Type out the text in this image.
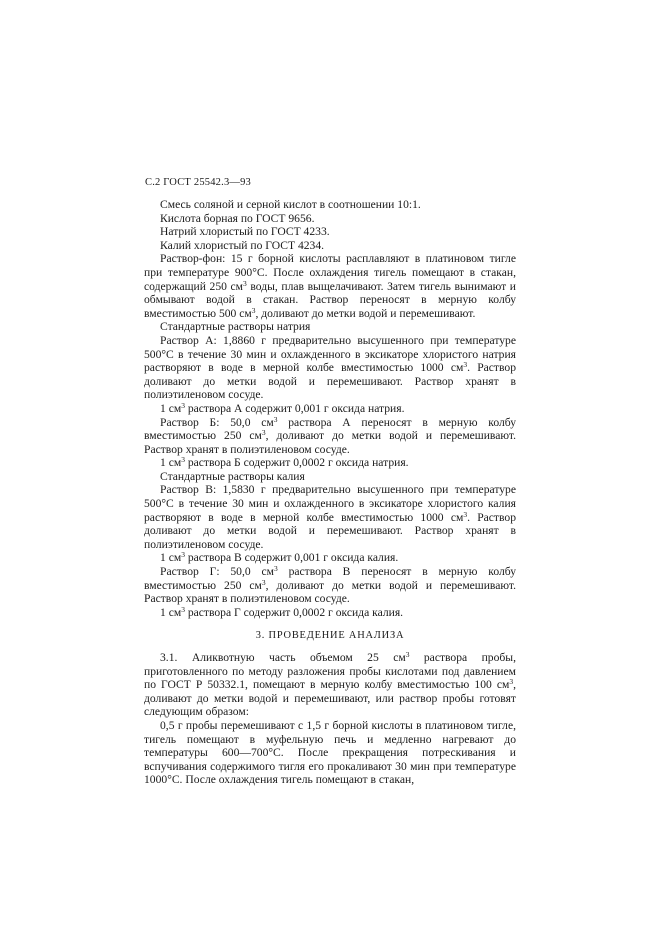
С.2 ГОСТ 25542.3—93

Смесь соляной и серной кислот в соотношении 10:1.

Кислота борная по ГОСТ 9656.

Натрий хлористый по ГОСТ 4233.

Калий хлористый по ГОСТ 4234.

Раствор-фон: 15 г борной кислоты расплавляют в платиновом тигле при температуре 900°С. После охлаждения тигель помещают в стакан, содержащий 250 $см^3$ воды, плав выщелачивают. Затем тигель вынимают и обмывают водой в стакан. Раствор переносят в мерную колбу вместимостью 500 $см^3$, доливают до метки водой и перемешивают.

Стандартные растворы натрия

Раствор А: 1,8860 г предварительно высушенного при температуре 500°С в течение 30 мин и охлажденного в эксикаторе хлористого натрия растворяют в воде в мерной колбе вместимостью 1000 $см^3$. Раствор доливают до метки водой и перемешивают. Раствор хранят в полиэтиленовом сосуде.

1 $см^3$ раствора А содержит 0,001 г оксида натрия.

Раствор Б: 50,0 $см^3$ раствора А переносят в мерную колбу вместимостью 250 $см^3$, доливают до метки водой и перемешивают. Раствор хранят в полиэтиленовом сосуде.

1 $см^3$ раствора Б содержит 0,0002 г оксида натрия.

Стандартные растворы калия

Раствор В: 1,5830 г предварительно высушенного при температуре 500°С в течение 30 мин и охлажденного в эксикаторе хлористого калия растворяют в воде в мерной колбе вместимостью 1000 $см^3$. Раствор доливают до метки водой и перемешивают. Раствор хранят в полиэтиленовом сосуде.

1 $см^3$ раствора В содержит 0,001 г оксида калия.

Раствор Г: 50,0 $см^3$ раствора В переносят в мерную колбу вместимостью 250 $см^3$, доливают до метки водой и перемешивают. Раствор хранят в полиэтиленовом сосуде.

1 $см^3$ раствора Г содержит 0,0002 г оксида калия.

3. ПРОВЕДЕНИЕ АНАЛИЗА

3.1. Аликвотную часть объемом 25 $см^3$ раствора пробы, приготовленного по методу разложения пробы кислотами под давлением по ГОСТ Р 50332.1, помещают в мерную колбу вместимостью 100 $см^3$, доливают до метки водой и перемешивают, или раствор пробы готовят следующим образом:

0,5 г пробы перемешивают с 1,5 г борной кислоты в платиновом тигле, тигель помещают в муфельную печь и медленно нагревают до температуры 600—700°С. После прекращения потрескивания и вспучивания содержимого тигля его прокаливают 30 мин при температуре 1000°С. После охлаждения тигель помещают в стакан,
